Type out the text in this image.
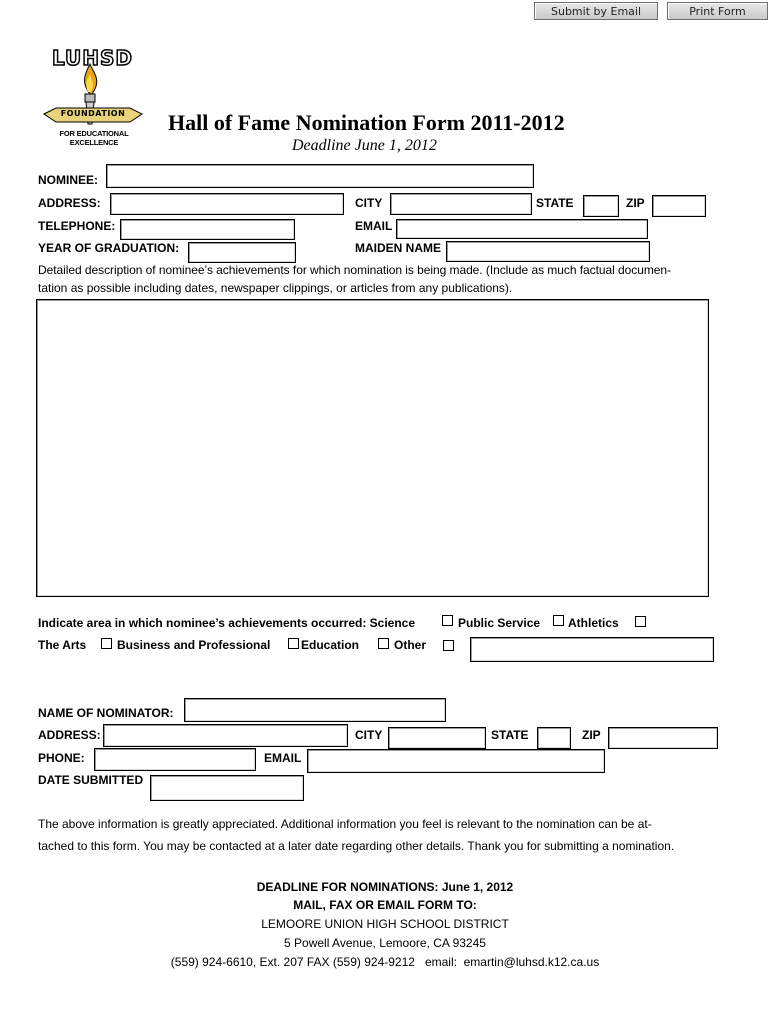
Submit by Email	Print Form
LUHSD
FOUNDATION
FOR EDUCATIONAL EXCELLENCE
Hall of Fame Nomination Form 2011-2012
Deadline June 1, 2012
NOMINEE:
ADDRESS:	CITY	STATE	ZIP
TELEPHONE:	EMAIL
YEAR OF GRADUATION:	MAIDEN NAME
Detailed description of nominee’s achievements for which nomination is being made. (Include as much factual documen-
tation as possible including dates, newspaper clippings, or articles from any publications).
Indicate area in which nominee’s achievements occurred: Science	Public Service Athletics
The Arts	Business and Professional	Education	Other
NAME OF NOMINATOR:
ADDRESS:	CITY	STATE	ZIP
PHONE:	EMAIL
DATE SUBMITTED
The above information is greatly appreciated. Additional information you feel is relevant to the nomination can be at-
tached to this form. You may be contacted at a later date regarding other details. Thank you for submitting a nomination.
DEADLINE FOR NOMINATIONS: June 1, 2012
MAIL, FAX OR EMAIL FORM TO:
LEMOORE UNION HIGH SCHOOL DISTRICT
5 Powell Avenue, Lemoore, CA 93245
(559) 924-6610, Ext. 207 FAX (559) 924-9212   email:  emartin@luhsd.k12.ca.us
